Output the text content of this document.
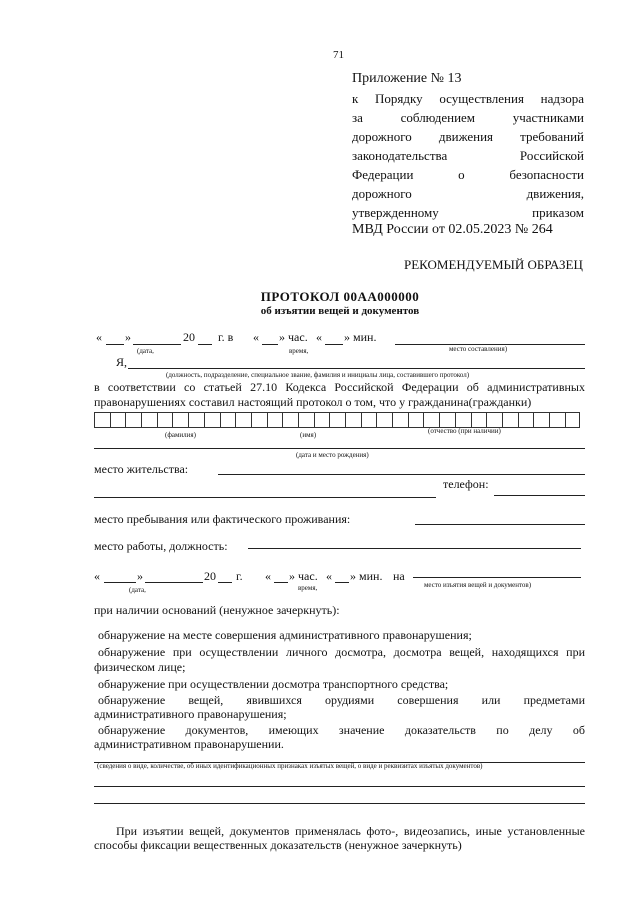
71
Приложение № 13
к Порядку осуществления надзора
за соблюдением участниками
дорожного движения требований
законодательства Российской
Федерации о безопасности
дорожного движения,
утвержденному приказом
МВД России от 02.05.2023 № 264
РЕКОМЕНДУЕМЫЙ ОБРАЗЕЦ
ПРОТОКОЛ 00АА000000
об изъятии вещей и документов
« »	20 г. в « » час. « » мин.
(дата,	время,	место составления)
Я,
(должность, подразделение, специальное звание, фамилия и инициалы лица, составившего протокол)
в соответствии со статьей 27.10 Кодекса Российской Федерации об административных
правонарушениях составил настоящий протокол о том, что у гражданина(гражданки)
(фамилия)	(имя)	(отчество (при наличии)
(дата и место рождения)
место жительства:
телефон:
место пребывания или фактического проживания:
место работы, должность:
«	»	20 г. « » час. « » мин. на
(дата,	время,	место изъятия вещей и документов)
при наличии оснований (ненужное зачеркнуть):
обнаружение на месте совершения административного правонарушения;
обнаружение при осуществлении личного досмотра, досмотра вещей, находящихся при
физическом лице;
обнаружение при осуществлении досмотра транспортного средства;
обнаружение вещей, явившихся орудиями совершения или предметами
административного правонарушения;
обнаружение документов, имеющих значение доказательств по делу об
административном правонарушении.
(сведения о виде, количестве, об иных идентификационных признаках изъятых вещей, о виде и реквизитах изъятых документов)
При изъятии вещей, документов применялась фото-, видеозапись, иные установленные
способы фиксации вещественных доказательств (ненужное зачеркнуть)
